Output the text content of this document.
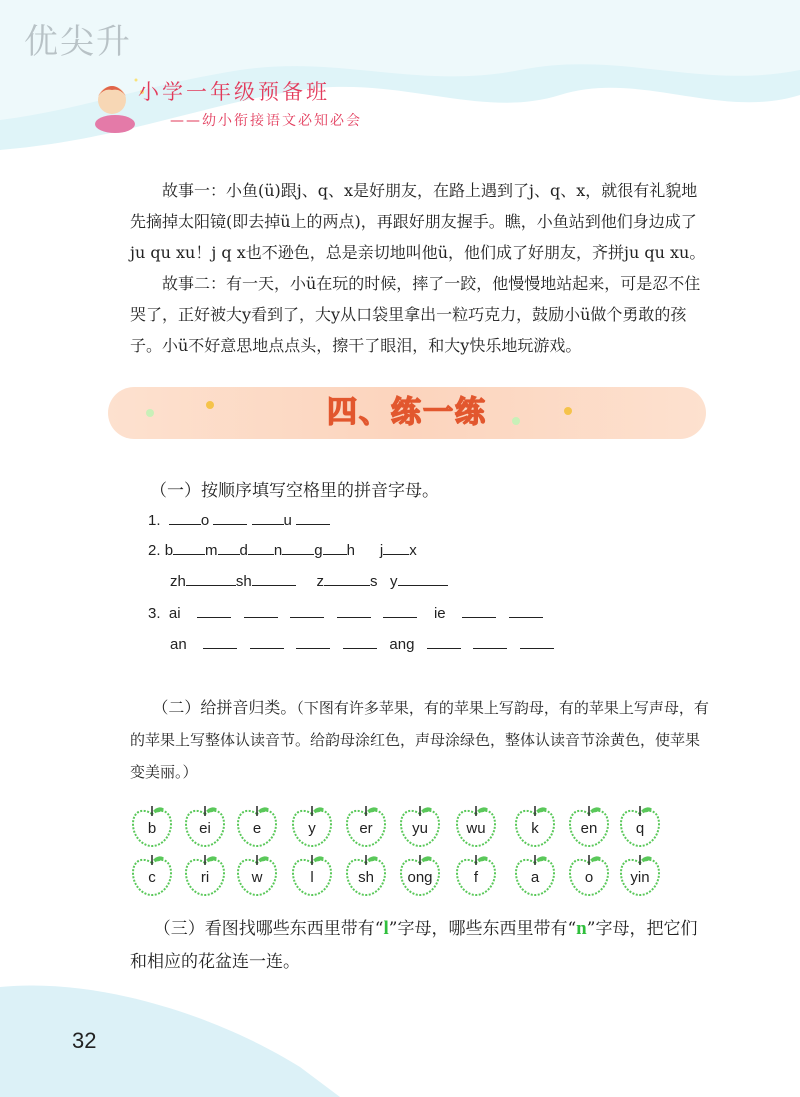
优尖升
小学一年级预备班
——幼小衔接语文必知必会

故事一：小鱼(ü)跟j、q、x是好朋友，在路上遇到了j、q、x，就很有礼貌地先摘掉太阳镜(即去掉ü上的两点)，再跟好朋友握手。瞧，小鱼站到他们身边成了ju qu xu！j q x也不逊色，总是亲切地叫他ü，他们成了好朋友，齐拼ju qu xu。

故事二：有一天，小ü在玩的时候，摔了一跤，他慢慢地站起来，可是忍不住哭了，正好被大y看到了，大y从口袋里拿出一粒巧克力，鼓励小ü做个勇敢的孩子。小ü不好意思地点点头，擦干了眼泪，和大y快乐地玩游戏。

四、练一练
（一）按顺序填写空格里的拼音字母。
1.	o	u
2. b m d n g h j x
zh	sh	z	s y
3. ai	ie
an	ang

（二）给拼音归类。（下图有许多苹果，有的苹果上写韵母，有的苹果上写声母，有的苹果上写整体认读音节。给韵母涂红色，声母涂绿色，整体认读音节涂黄色，使苹果变美丽。）

b	ei	e	y	er	yu	wu	k	en	q
c	ri	w	l	sh	ong	f	a	o	yin

（三）看图找哪些东西里带有“l”字母，哪些东西里带有“n”字母，把它们和相应的花盆连一连。

32
